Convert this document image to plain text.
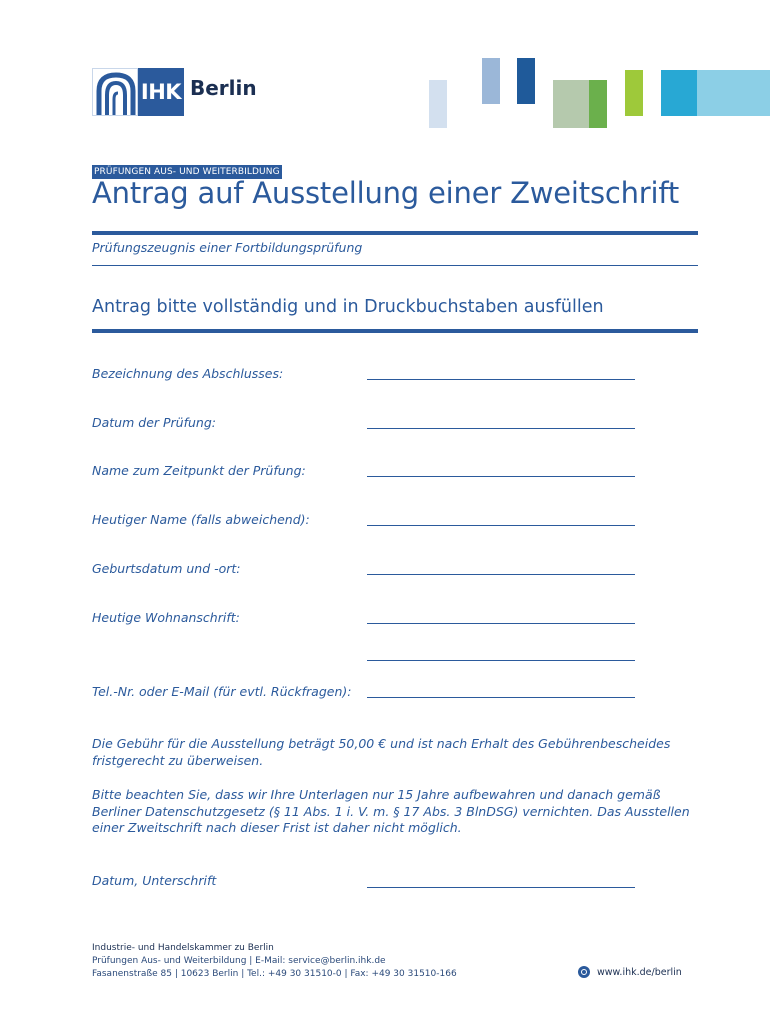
IHK Berlin
PRÜFUNGEN AUS- UND WEITERBILDUNG
Antrag auf Ausstellung einer Zweitschrift
Prüfungszeugnis einer Fortbildungsprüfung
Antrag bitte vollständig und in Druckbuchstaben ausfüllen
Bezeichnung des Abschlusses:
Datum der Prüfung:
Name zum Zeitpunkt der Prüfung:
Heutiger Name (falls abweichend):
Geburtsdatum und -ort:
Heutige Wohnanschrift:
Tel.-Nr. oder E-Mail (für evtl. Rückfragen):

Die Gebühr für die Ausstellung beträgt 50,00 € und ist nach Erhalt des Gebührenbescheides fristgerecht zu überweisen.

Bitte beachten Sie, dass wir Ihre Unterlagen nur 15 Jahre aufbewahren und danach gemäß Berliner Datenschutzgesetz (§ 11 Abs. 1 i. V. m. § 17 Abs. 3 BlnDSG) vernichten. Das Ausstellen einer Zweitschrift nach dieser Frist ist daher nicht möglich.

Datum, Unterschrift
Industrie- und Handelskammer zu Berlin
Prüfungen Aus- und Weiterbildung | E-Mail: service@berlin.ihk.de
Fasanenstraße 85 | 10623 Berlin | Tel.: +49 30 31510-0 | Fax: +49 30 31510-166	www.ihk.de/berlin
